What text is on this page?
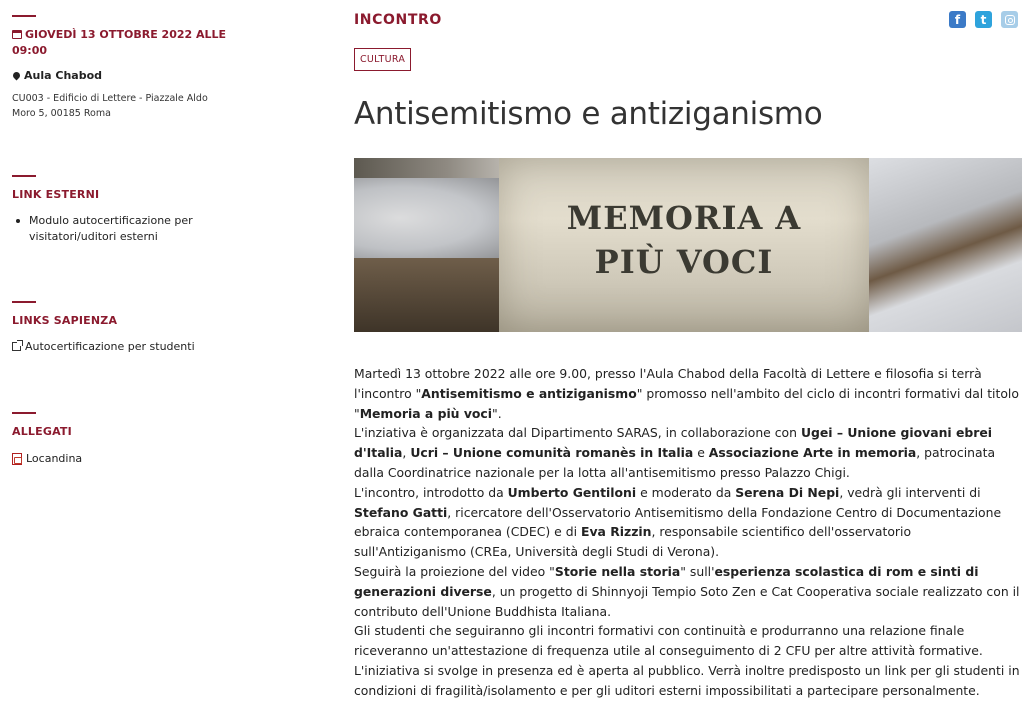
GIOVEDÌ 13 OTTOBRE 2022 ALLE 09:00
Aula Chabod
CU003 - Edificio di Lettere - Piazzale Aldo Moro 5, 00185 Roma
LINK ESTERNI
Modulo autocertificazione per visitatori/uditori esterni
LINKS SAPIENZA
Autocertificazione per studenti
ALLEGATI
Locandina
INCONTRO	f	t
CULTURA
Antisemitismo e antiziganismo
MEMORIA A
PIÙ VOCI

Martedì 13 ottobre 2022 alle ore 9.00, presso l'Aula Chabod della Facoltà di Lettere e filosofia si terrà l'incontro "Antisemitismo e antiziganismo" promosso nell'ambito del ciclo di incontri formativi dal titolo "Memoria a più voci".

L'inziativa è organizzata dal Dipartimento SARAS, in collaborazione con Ugei – Unione giovani ebrei d'Italia, Ucri – Unione comunità romanès in Italia e Associazione Arte in memoria, patrocinata dalla Coordinatrice nazionale per la lotta all'antisemitismo presso Palazzo Chigi.

L'incontro, introdotto da Umberto Gentiloni e moderato da Serena Di Nepi, vedrà gli interventi di Stefano Gatti, ricercatore dell'Osservatorio Antisemitismo della Fondazione Centro di Documentazione ebraica contemporanea (CDEC) e di Eva Rizzin, responsabile scientifico dell'osservatorio sull'Antiziganismo (CREa, Università degli Studi di Verona).

Seguirà la proiezione del video "Storie nella storia" sull'esperienza scolastica di rom e sinti di generazioni diverse, un progetto di Shinnyoji Tempio Soto Zen e Cat Cooperativa sociale realizzato con il contributo dell'Unione Buddhista Italiana.

Gli studenti che seguiranno gli incontri formativi con continuità e produrranno una relazione finale riceveranno un'attestazione di frequenza utile al conseguimento di 2 CFU per altre attività formative.

L'iniziativa si svolge in presenza ed è aperta al pubblico. Verrà inoltre predisposto un link per gli studenti in condizioni di fragilità/isolamento e per gli uditori esterni impossibilitati a partecipare personalmente.
